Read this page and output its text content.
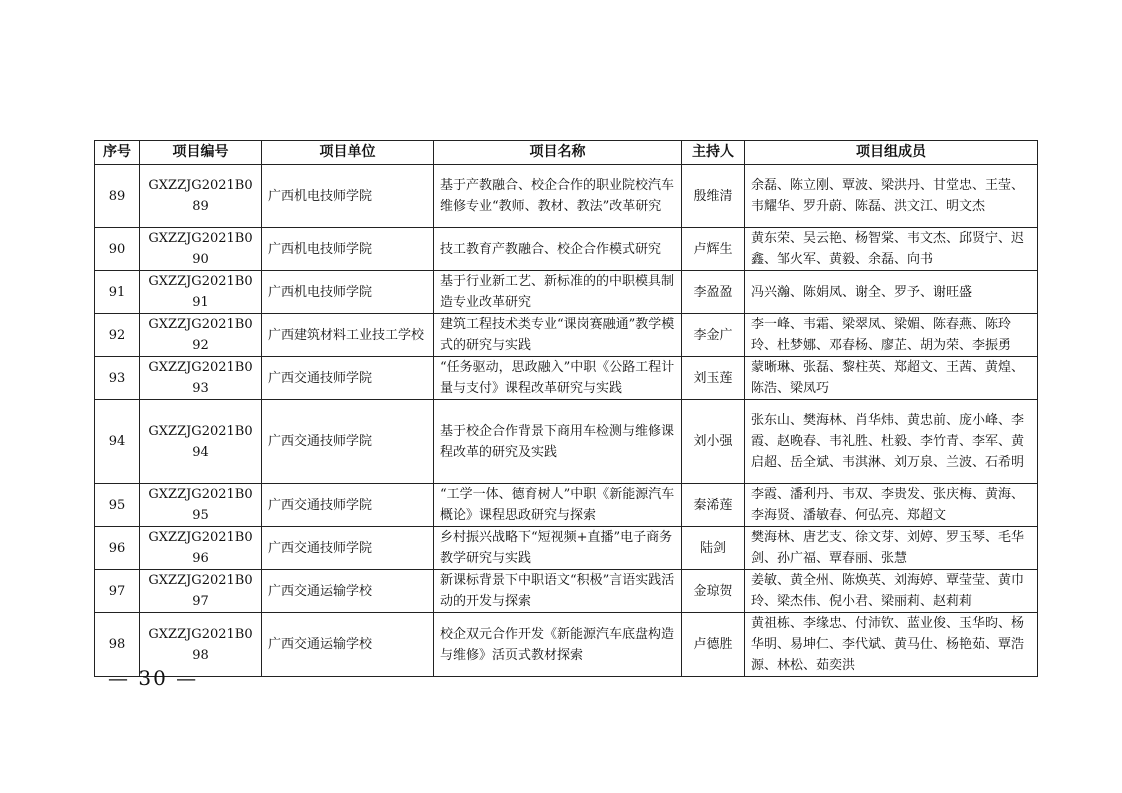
序号	项目编号	项目单位	项目名称	主持人	项目组成员
89	GXZZJG2021B089	广西机电技师学院	基于产教融合、校企合作的职业院校汽车维修专业“教师、教材、教法”改革研究	殷维清	余磊、陈立刚、覃波、梁洪丹、甘堂忠、王莹、韦耀华、罗升蔚、陈磊、洪文江、明文杰
90	GXZZJG2021B090	广西机电技师学院	技工教育产教融合、校企合作模式研究	卢辉生	黄东荣、吴云艳、杨智棠、韦文杰、邱贤宁、迟鑫、邹火军、黄毅、余磊、向书
91	GXZZJG2021B091	广西机电技师学院	基于行业新工艺、新标准的的中职模具制造专业改革研究	李盈盈	冯兴瀚、陈娟凤、谢全、罗予、谢旺盛
92	GXZZJG2021B092	广西建筑材料工业技工学校	建筑工程技术类专业“课岗赛融通”教学模式的研究与实践	李金广	李一峰、韦霜、梁翠凤、梁媚、陈春燕、陈玲玲、杜梦娜、邓春杨、廖芷、胡为荣、李振勇
93	GXZZJG2021B093	广西交通技师学院	“任务驱动，思政融入”中职《公路工程计量与支付》课程改革研究与实践	刘玉莲	蒙晰琳、张磊、黎柱英、郑超文、王茜、黄煌、陈浩、梁凤巧
94	GXZZJG2021B094	广西交通技师学院	基于校企合作背景下商用车检测与维修课程改革的研究及实践	刘小强	张东山、樊海林、肖华炜、黄忠前、庞小峰、李霞、赵晚春、韦礼胜、杜毅、李竹青、李军、黄启超、岳全斌、韦淇淋、刘万泉、兰波、石希明
95	GXZZJG2021B095	广西交通技师学院	“工学一体、德育树人”中职《新能源汽车概论》课程思政研究与探索	秦浠莲	李霞、潘利丹、韦双、李贵发、张庆梅、黄海、李海贤、潘敏春、何弘亮、郑超文
96	GXZZJG2021B096	广西交通技师学院	乡村振兴战略下“短视频+直播”电子商务教学研究与实践	陆剑	樊海林、唐艺支、徐文芽、刘婷、罗玉琴、毛华剑、孙广福、覃春丽、张慧
97	GXZZJG2021B097	广西交通运输学校	新课标背景下中职语文“积极”言语实践活动的开发与探索	金琼贺	姜敏、黄全州、陈焕英、刘海婷、覃莹莹、黄巾玲、梁杰伟、倪小君、梁丽莉、赵莉莉
98	GXZZJG2021B098	广西交通运输学校	校企双元合作开发《新能源汽车底盘构造与维修》活页式教材探索	卢德胜	黄祖栋、李缘忠、付沛钦、蓝业俊、玉华昀、杨华明、易坤仁、李代斌、黄马仕、杨艳茹、覃浩源、林松、茹奕洪
— 30 —
